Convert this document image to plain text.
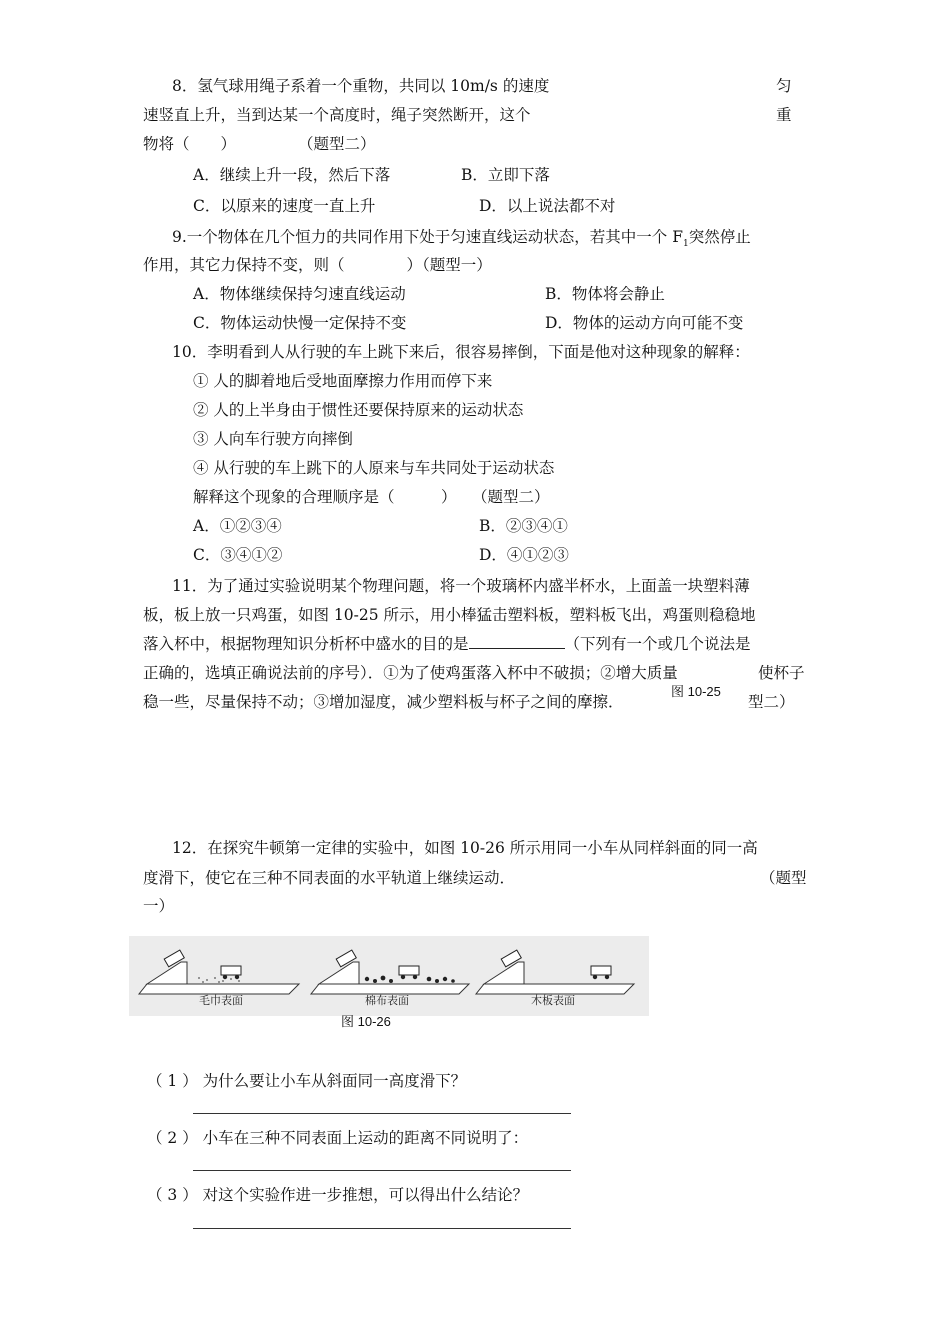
8．氢气球用绳子系着一个重物，共同以 10m/s 的速度	匀
速竖直上升，当到达某一个高度时，绳子突然断开，这个	重
物将（　　）　　　　　（题型二）
A．继续上升一段，然后下落	B．立即下落
C．以原来的速度一直上升	D．以上说法都不对
9.一个物体在几个恒力的共同作用下处于匀速直线运动状态，若其中一个 $F_1$突然停止
作用，其它力保持不变，则（　　　　）（题型一）
A．物体继续保持匀速直线运动	B．物体将会静止
C．物体运动快慢一定保持不变	D．物体的运动方向可能不变
10．李明看到人从行驶的车上跳下来后，很容易摔倒，下面是他对这种现象的解释：
① 人的脚着地后受地面摩擦力作用而停下来
② 人的上半身由于惯性还要保持原来的运动状态
③ 人向车行驶方向摔倒
④ 从行驶的车上跳下的人原来与车共同处于运动状态
解释这个现象的合理顺序是（　　　）　　（题型二）
A．①②③④	B．②③④①
C．③④①②	D．④①②③
11．为了通过实验说明某个物理问题，将一个玻璃杯内盛半杯水，上面盖一块塑料薄
板，板上放一只鸡蛋，如图 10-25 所示，用小棒猛击塑料板，塑料板飞出，鸡蛋则稳稳地
落入杯中，根据物理知识分析杯中盛水的目的是	（下列有一个或几个说法是
正确的，选填正确说法前的序号）．①为了使鸡蛋落入杯中不破损；②增大质量	使杯子
图 10-25
稳一些，尽量保持不动；③增加湿度，减少塑料板与杯子之间的摩擦．	型二）
12．在探究牛顿第一定律的实验中，如图 10-26 所示用同一小车从同样斜面的同一高
度滑下，使它在三种不同表面的水平轨道上继续运动．	（题型
一）
毛巾表面	棉布表面	木板表面
图 10-26
（ 1 ） 为什么要让小车从斜面同一高度滑下？
（ 2 ） 小车在三种不同表面上运动的距离不同说明了：
（ 3 ） 对这个实验作进一步推想，可以得出什么结论？
